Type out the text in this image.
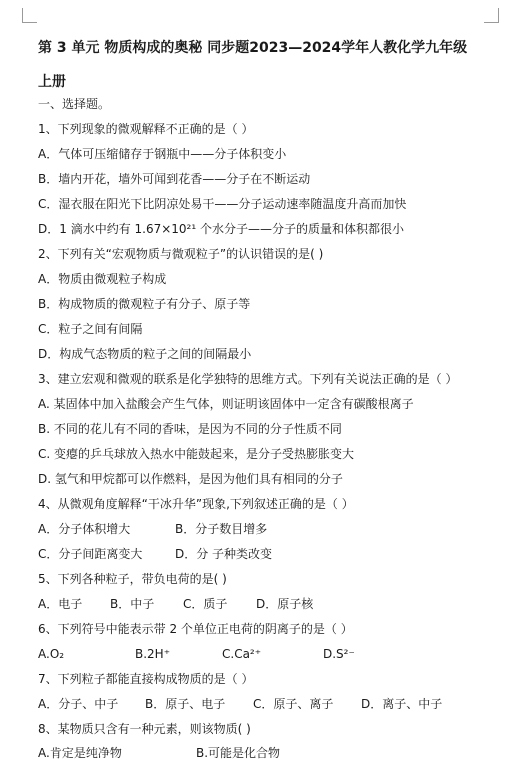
第 3 单元 物质构成的奥秘 同步题2023—2024学年人教化学九年级
上册
一、选择题。
1、下列现象的微观解释不正确的是（ ）
A．气体可压缩储存于钢瓶中——分子体积变小
B．墙内开花，墙外可闻到花香——分子在不断运动
C．湿衣服在阳光下比阴凉处易干——分子运动速率随温度升高而加快
D．1 滴水中约有 1.67×10²¹ 个水分子——分子的质量和体积都很小
2、下列有关“宏观物质与微观粒子”的认识错误的是( )
A．物质由微观粒子构成
B．构成物质的微观粒子有分子、原子等
C．粒子之间有间隔
D．构成气态物质的粒子之间的间隔最小
3、建立宏观和微观的联系是化学独特的思维方式。下列有关说法正确的是（ ）
A. 某固体中加入盐酸会产生气体，则证明该固体中一定含有碳酸根离子
B. 不同的花儿有不同的香味，是因为不同的分子性质不同
C. 变瘪的乒乓球放入热水中能鼓起来，是分子受热膨胀变大
D. 氢气和甲烷都可以作燃料，是因为他们具有相同的分子
4、从微观角度解释“干冰升华”现象,下列叙述正确的是（ ）
A．分子体积增大	B．分子数目增多
C．分子间距离变大	D．分 子种类改变
5、下列各种粒子，带负电荷的是( )
A．电子 B．中子 C．质子 D．原子核
6、下列符号中能表示带 2 个单位正电荷的阴离子的是（ ）
A.O₂	B.2H⁺	C.Ca²⁺	D.S²⁻
7、下列粒子都能直接构成物质的是（ ）
A．分子、中子 B．原子、电子 C．原子、离子 D．离子、中子
8、某物质只含有一种元素，则该物质( )
A.肯定是纯净物	B.可能是化合物
